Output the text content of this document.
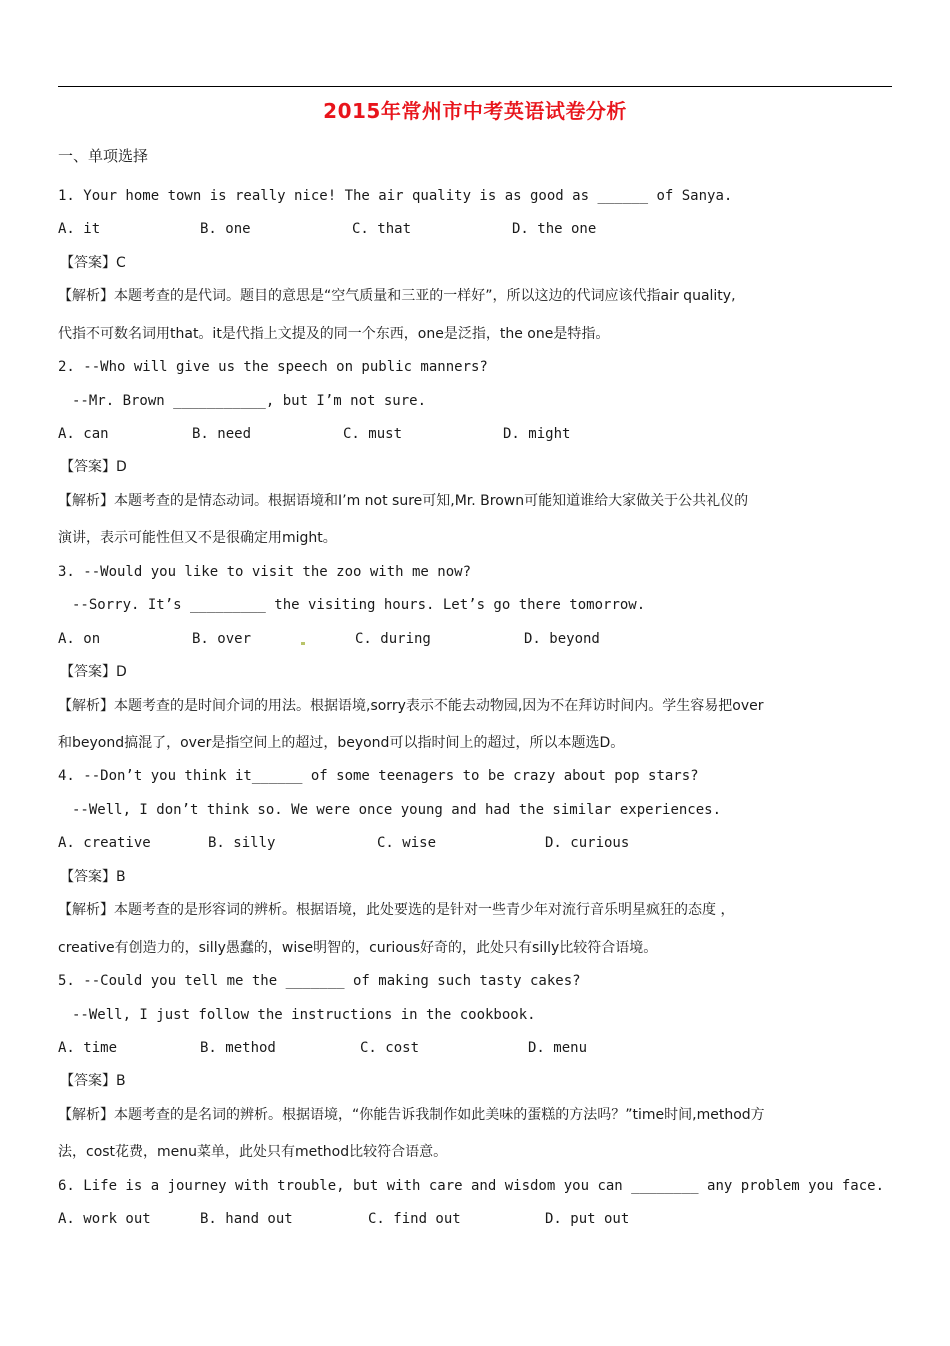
2015年常州市中考英语试卷分析
一、单项选择
1. Your home town is really nice! The air quality is as good as ______ of Sanya.
A. it	B. one	C. that	D. the one
【答案】C
【解析】本题考查的是代词。题目的意思是“空气质量和三亚的一样好”，所以这边的代词应该代指air quality,
代指不可数名词用that。it是代指上文提及的同一个东西，one是泛指，the one是特指。
2. --Who will give us the speech on public manners?
--Mr. Brown ___________, but I’m not sure.
A. can	B. need	C. must	D. might
【答案】D
【解析】本题考查的是情态动词。根据语境和I’m not sure可知,Mr. Brown可能知道谁给大家做关于公共礼仪的
演讲，表示可能性但又不是很确定用might。
3. --Would you like to visit the zoo with me now?
--Sorry. It’s _________ the visiting hours. Let’s go there tomorrow.
A. on	B. over	C. during	D. beyond
【答案】D
【解析】本题考查的是时间介词的用法。根据语境,sorry表示不能去动物园,因为不在拜访时间内。学生容易把over
和beyond搞混了，over是指空间上的超过，beyond可以指时间上的超过，所以本题选D。
4. --Don’t you think it______ of some teenagers to be crazy about pop stars?
--Well, I don’t think so. We were once young and had the similar experiences.
A. creative	B. silly	C. wise	D. curious
【答案】B
【解析】本题考查的是形容词的辨析。根据语境，此处要选的是针对一些青少年对流行音乐明星疯狂的态度 ，
creative有创造力的，silly愚蠢的，wise明智的，curious好奇的，此处只有silly比较符合语境。
5. --Could you tell me the _______ of making such tasty cakes?
--Well, I just follow the instructions in the cookbook.
A. time	B. method	C. cost	D. menu
【答案】B
【解析】本题考查的是名词的辨析。根据语境，“你能告诉我制作如此美味的蛋糕的方法吗？”time时间,method方
法，cost花费，menu菜单，此处只有method比较符合语意。
6. Life is a journey with trouble, but with care and wisdom you can ________ any problem you face.
A. work out	B. hand out	C. find out	D. put out
